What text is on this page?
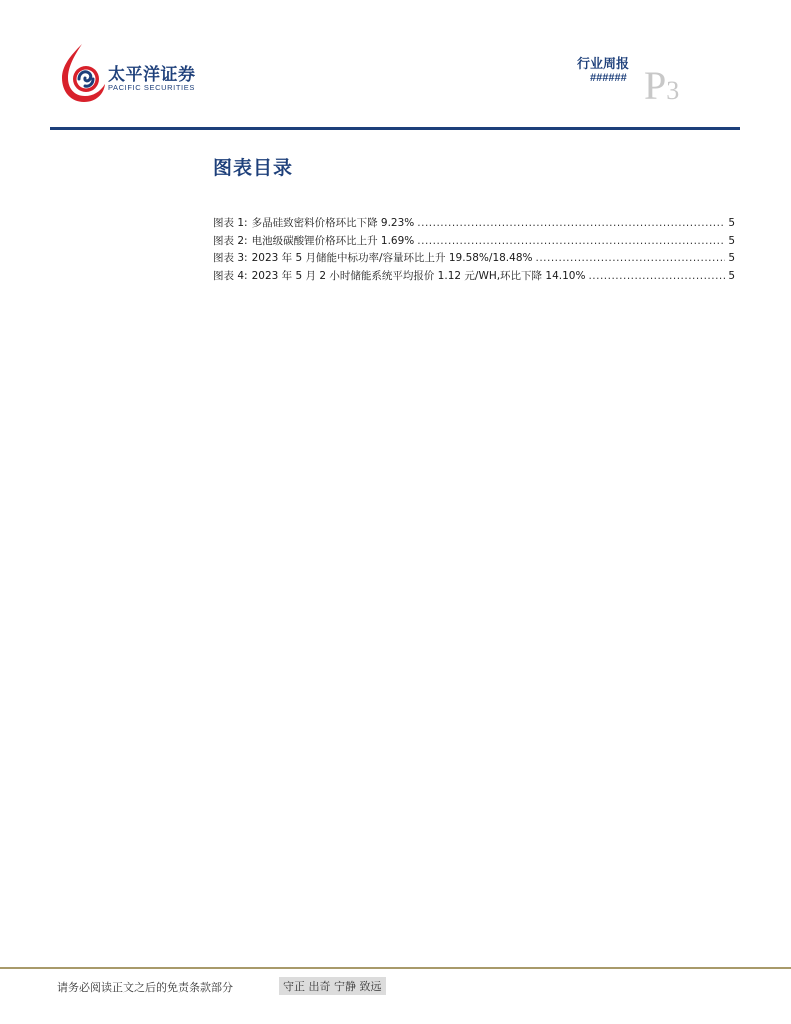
太平洋证券
PACIFIC SECURITIES
行业周报
###### P3
图表目录
图表 1 : 多晶硅致密料价格环比下降 9.23% .....	5
图表 2 : 电池级碳酸锂价格环比上升 1.69% .....	5
图表 3 : 2023 年 5 月储能中标功率/容量环比上升 19.58%/18.48% .....	5
图表 4 : 2023 年 5 月 2 小时储能系统平均报价 1.12 元/WH,环比下降 14.10% .....	5
请务必阅读正文之后的免责条款部分	守正 出奇 宁静 致远
